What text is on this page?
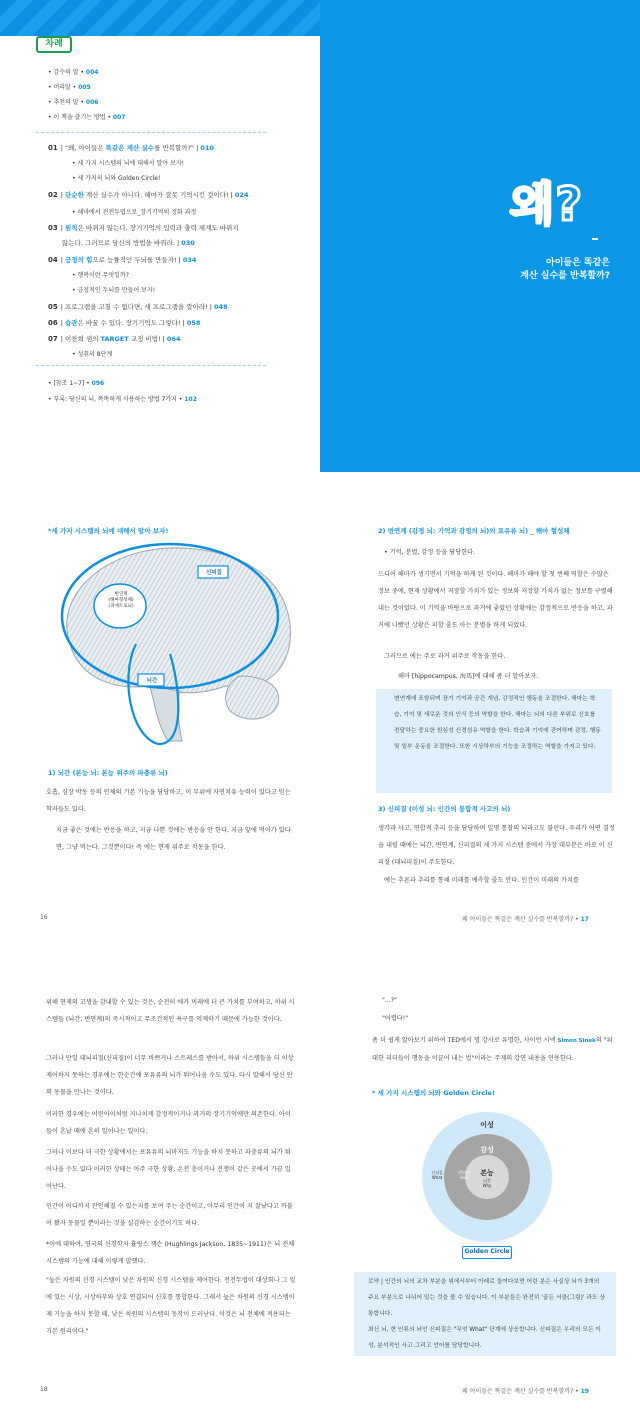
차례
• 감수의 말 • 004
• 머리말 • 005
• 추천의 말 • 006
• 이 책을 즐기는 방법 • 007
01 | "왜, 아이들은 똑같은 계산 실수를 반복할까?" | 010
• 세 가지 시스템의 뇌에 대해서 알아 보자!
• 세 가지의 뇌와 Golden Circle!
02 | 단순한 계산 실수가 아니다. 해마가 잘못 기억시킨 것이다! | 024
• 해마에서 전전두엽으로_장기기억의 정화 과정
03 | 원칙은 바뀌지 않는다. 장기기억의 입력과 출력 체계도 바뀌지
않는다. 그러므로 당신의 방법을 바꿔라. | 030
04 | 긍정의 힘으로 능률적인 두뇌를 만들자! | 034
• 행복이란 무엇일까?
• 긍정적인 두뇌를 만들어 보자!
05 | 프로그램을 고칠 수 없다면, 새 프로그램을 깔아라! | 048
06 | 습관은 바꿀 수 있다. 장기기억도 그렇다! | 058
07 | 이찬희 샘의 TARGET 교정 비법! | 064
• 성취의 8단계
• [참조 1~7] • 096
• 부록: 당신의 뇌, 똑똑하게 사용하는 방법 7가지 • 102
왜?
아이들은 똑같은
계산 실수를 반복할까?
*세 가지 시스템의 뇌에 대해서 알아 보자!
변연계
(해마형성체)
(피에트로뇌)
신피질
뇌간
1) 뇌간 (본능 뇌: 본능 위주의 파충류 뇌)
호흡, 심장 박동 등의 인체의 기본 기능을 담당하고, 이 부위에 자연치유 능력이 있다고 믿는 학자들도 있다.
지금 좋은 것에는 반응을 하고, 지금 나쁜 것에는 반응을 안 한다. 지금 앞에 먹이가 있다면, 그냥 먹는다. 그것뿐이다! 즉 에는 현재 위주로 작동을 한다.
16
2) 변연계 (감정 뇌: 기억과 감정의 뇌)의 포유류 뇌) _ 해마 형성체
• 기억, 분별, 감정 등을 담당한다.
드디어 해마가 생기면서 기억을 하게 된 것이다. 해마가 해야 할 첫 번째 역할은 수많은 정보 중에, 현재 상황에서 저장할 가치가 있는 정보와 저장할 가치가 없는 정보를 구별해 내는 것이었다. 이 기억을 바탕으로 과거에 좋았던 상황에는 감정적으로 반응을 하고, 과거에 나빴던 상황은 피할 줄도 아는 분별을 하게 되었다.
그러므로 에는 주로 과거 위주로 작동을 한다.
해마 [hippocampus, 海馬]에 대해 좀 더 알아보자.
변연계에 포함되며 장기 기억과 공간 개념, 감정적인 행동을 조절한다. 해마는 학습, 기억 및 새로운 것의 인식 등의 역할을 한다. 해마는 뇌의 다른 부위로 신호를 전달하는 중요한 원심성 신경섬유 역할을 한다. 학습과 기억에 관여하며 감정, 행동 및 일부 운동을 조절한다. 또한 시상하부의 기능을 조절하는 역할을 가지고 있다.
3) 신피질 (이성 뇌: 인간의 통합적 사고의 뇌)
생각과 사고, 연합적 추리 등을 담당하며 일명 통찰의 뇌라고도 불린다. 우리가 어떤 결정을 내릴 때에는 뇌간, 변연계, 신피질의 세 가지 시스템 중에서 가장 대부분은 바로 이 신피질 (대뇌피질)이 주도한다.
에는 추론과 추리를 통해 미래를 예측할 줄도 안다. 인간이 미래의 가치를
왜 아이들은 똑같은 계산 실수를 반복할까? • 17
위해 현재의 고생을 감내할 수 있는 것은, 순전히 에가 미래에 더 큰 가치를 부여하고, 하위 시스템들 (뇌간, 변연계)의 즉시적이고 무조건적인 욕구를 억제하기 때문에 가능한 것이다.
그러나 만일 대뇌피질(신피질)이 너무 바쁘거나 스트레스를 받아서, 하위 시스템들을 더 이상 제어하지 못하는 경우에는 한순간에 포유류의 뇌가 튀어나올 수도 있다. 다시 말해서 당신 안의 동물을 만나는 것이다.
이러한 경우에는 어린아이처럼 지나치게 감정적이거나 과거의 장기기억에만 의존한다. 아이들이 흔날 때에 흔히 일어나는 일이다.
그러나 이보다 더 극한 상황에서는 포유류의 뇌마저도 기능을 하지 못하고 파충류의 뇌가 튀어나올 수도 있다 이러한 상태는 아주 극한 상황, 온전 충이거나 전쟁이 같은 곳에서 가끔 일어난다.
인간이 어디까지 잔인해질 수 있는지를 보여 주는 순간이고, 아무리 인간이 지 잘났다고 까불어 봤자 동물일 뿐이라는 것을 실감하는 순간이기도 하다.
*이에 대하여, 영국의 신경학자 휼링스 잭슨 (Hughlings Jackson, 1835~1911)은 뇌 전체 시스템의 기능에 대해 이렇게 말했다.
"높은 차원의 신경 시스템이 낮은 차원의 신경 시스템을 제어한다. 전전두엽이 대상회나 그 밑에 있는 시상, 시상하부와 상호 연결되어 신호를 통합한다. 그래서 높은 차원의 신경 시스템이 제 기능을 하지 못할 때, 낮은 차원의 시스템의 동작이 드러난다. 이것은 뇌 전체에 적용되는 기본 원리이다."
18
"...?"
"어렵다!"
좀 더 쉽게 알아보기 위하여 TED에서 명 강사로 유명한, 사이먼 시넥 Simon Sinek의 "위대한 리더들이 행동을 이끌어 내는 법"이라는 주제의 강연 내용을 인용한다.
* 세 가지 시스템의 뇌와 Golden Circle!
이성
감성
본능
신피질
What
변연계
How
뇌간
Why
Golden Circle
로약 | 인간의 뇌의 교차 부분을 위에서부터 아래로 들여다보면 어린 분은 사실상 뇌가 3개의 주요 부분으로 나뉘어 있는 것을 볼 수 있습니다. 이 부분들은 완전히 '골든 서클(그림)' 과도 상통합니다.
최신 뇌, 현 인류의 뇌인 신피질은 "무엇 What" 단계에 상응합니다. 신피질은 우리의 모든 이성, 분석적인 사고 그리고 언어를 담당합니다.
왜 아이들은 똑같은 계산 실수를 반복할까? • 19
